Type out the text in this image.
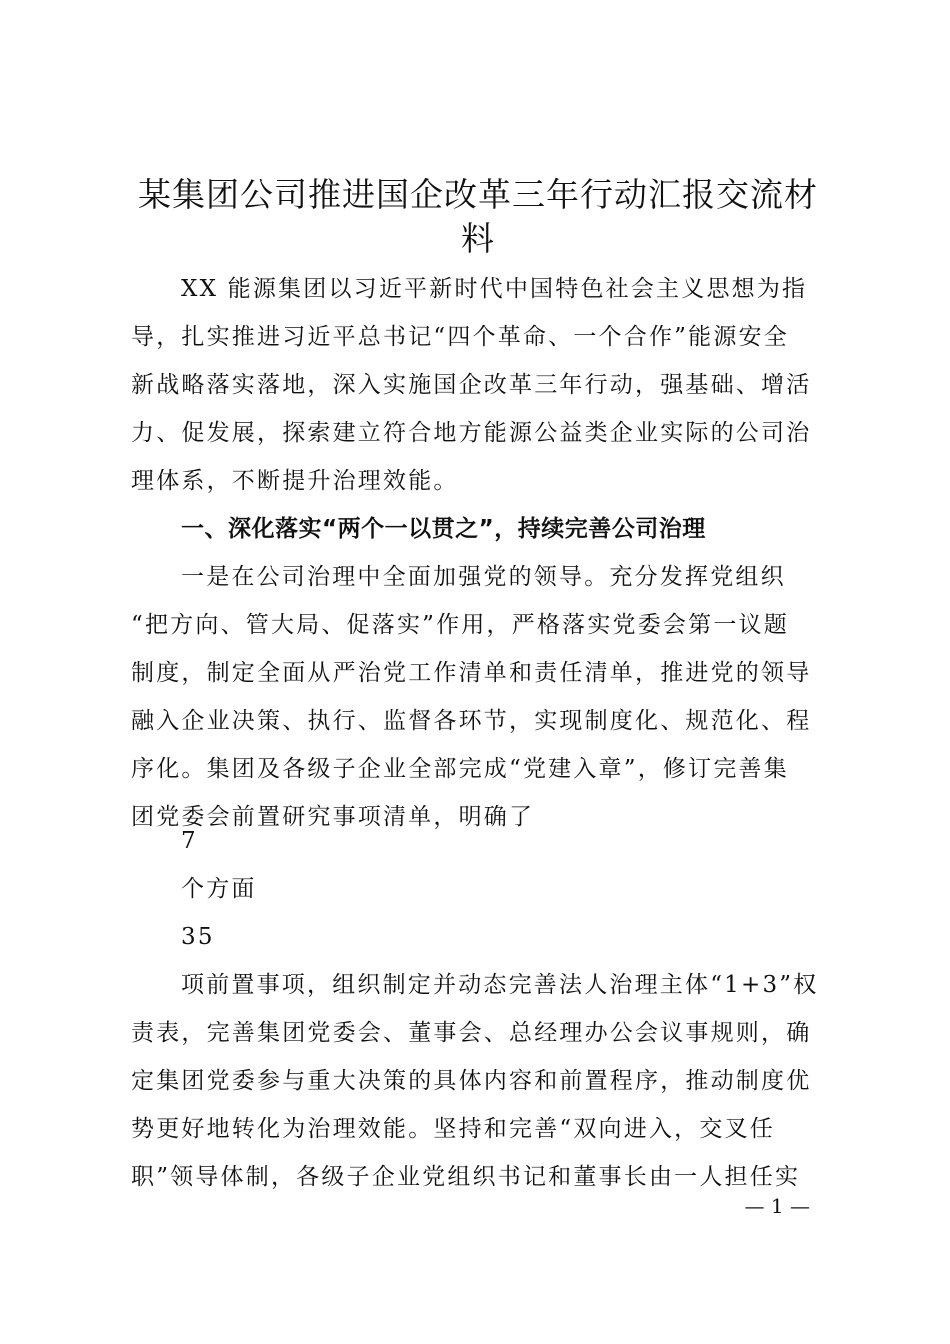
某集团公司推进国企改革三年行动汇报交流材
料
XX 能源集团以习近平新时代中国特色社会主义思想为指
导，扎实推进习近平总书记“四个革命、一个合作”能源安全
新战略落实落地，深入实施国企改革三年行动，强基础、增活
力、促发展，探索建立符合地方能源公益类企业实际的公司治
理体系，不断提升治理效能。
一、深化落实“两个一以贯之”，持续完善公司治理
一是在公司治理中全面加强党的领导。充分发挥党组织
“把方向、管大局、促落实”作用，严格落实党委会第一议题
制度，制定全面从严治党工作清单和责任清单，推进党的领导
融入企业决策、执行、监督各环节，实现制度化、规范化、程
序化。集团及各级子企业全部完成“党建入章”，修订完善集
团党委会前置研究事项清单，明确了
7
个方面
35
项前置事项，组织制定并动态完善法人治理主体“1+3”权
责表，完善集团党委会、董事会、总经理办公会议事规则，确
定集团党委参与重大决策的具体内容和前置程序，推动制度优
势更好地转化为治理效能。坚持和完善“双向进入，交叉任
职”领导体制，各级子企业党组织书记和董事长由一人担任实
— 1 —
